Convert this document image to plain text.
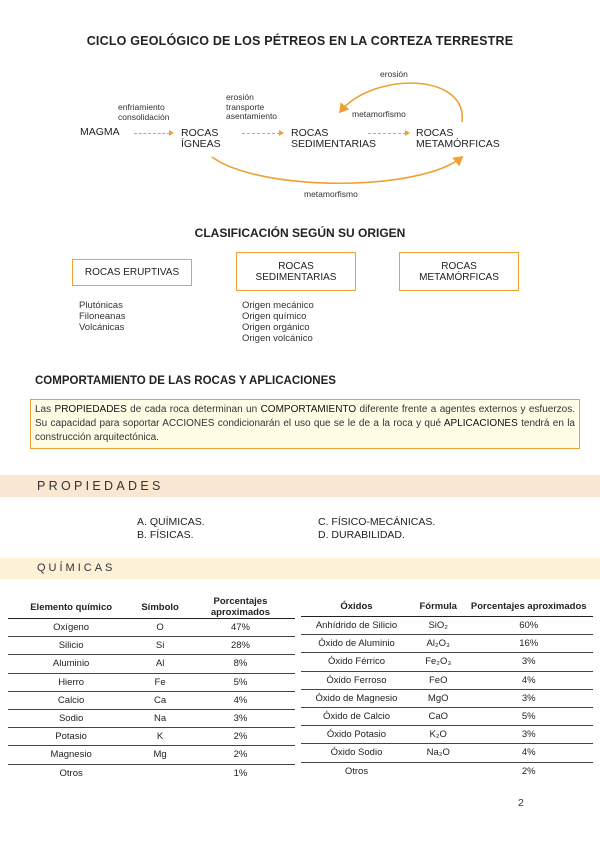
CICLO GEOLÓGICO DE LOS PÉTREOS EN LA CORTEZA TERRESTRE
MAGMA
enfriamiento
consolidación
ROCAS
ÍGNEAS
erosión
transporte
asentamiento
ROCAS
SEDIMENTARIAS
metamorfismo
ROCAS
METAMÓRFICAS
erosión
metamorfismo
CLASIFICACIÓN SEGÚN SU ORIGEN
ROCAS ERUPTIVAS
ROCAS
SEDIMENTARIAS
ROCAS
METAMÓRFICAS
Plutónicas
Filoneanas
Volcánicas
Origen mecánico
Origen químico
Origen orgánico
Origen volcánico
COMPORTAMIENTO DE LAS ROCAS Y APLICACIONES
Las PROPIEDADES de cada roca determinan un COMPORTAMIENTO diferente frente a agentes externos y esfuerzos. Su capacidad para soportar ACCIONES condicionarán el uso que se le de a la roca y qué APLICACIONES tendrá en la construcción arquitectónica.
PROPIEDADES
A. QUÍMICAS.
B. FÍSICAS.
C. FÍSICO-MECÁNICAS.
D. DURABILIDAD.
QUÍMICAS
Elemento químico	Símbolo	Porcentajes aproximados
Oxígeno	O	47%
Silicio	Si	28%
Aluminio	Al	8%
Hierro	Fe	5%
Calcio	Ca	4%
Sodio	Na	3%
Potasio	K	2%
Magnesio	Mg	2%
Otros		1%
Óxidos	Fórmula	Porcentajes aproximados
Anhídrido de Silicio	SiO₂	60%
Óxido de Aluminio	Al₂O₃	16%
Óxido Férrico	Fe₂O₃	3%
Óxido Ferroso	FeO	4%
Óxido de Magnesio	MgO	3%
Óxido de Calcio	CaO	5%
Óxido Potasio	K₂O	3%
Óxido Sodio	Na₂O	4%
Otros		2%
2
